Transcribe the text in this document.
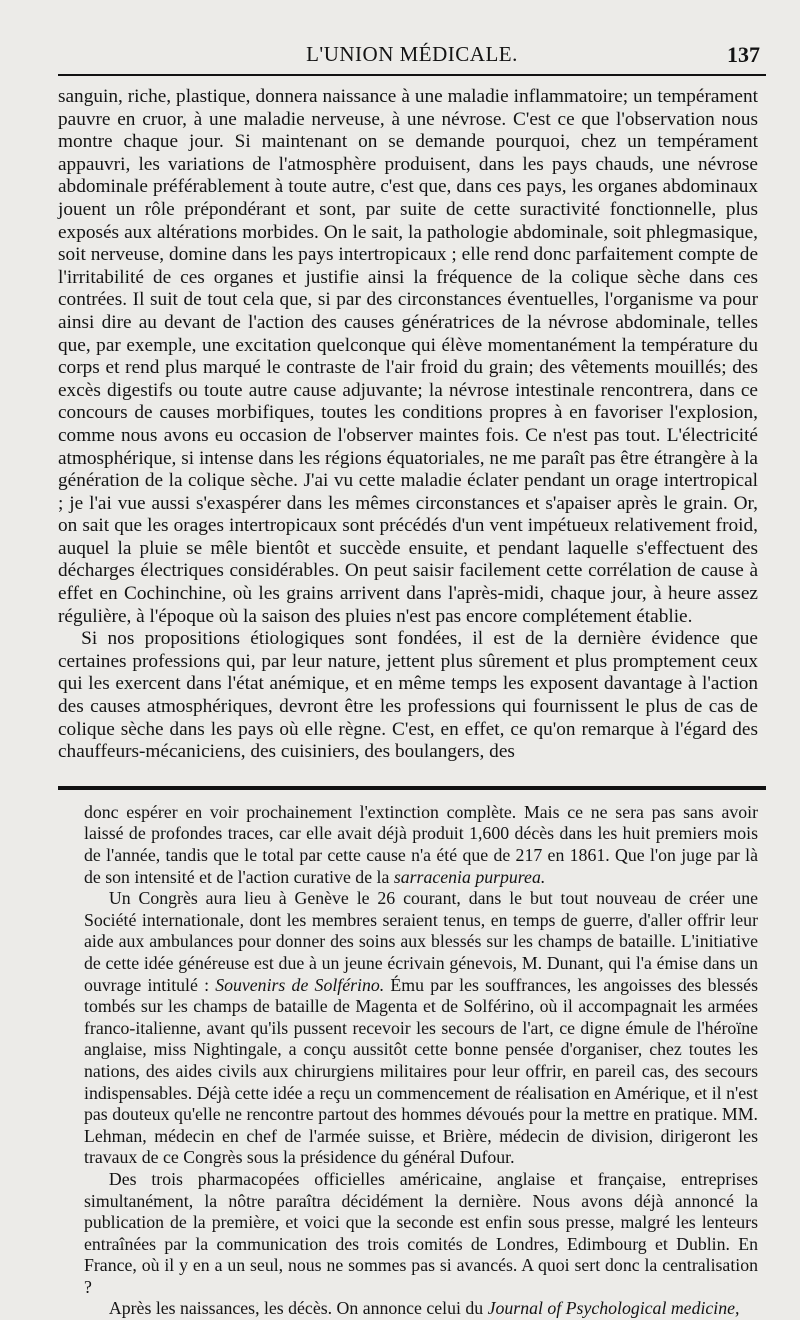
L'UNION MÉDICALE.	137

sanguin, riche, plastique, donnera naissance à une maladie inflammatoire; un tempérament pauvre en cruor, à une maladie nerveuse, à une névrose. C'est ce que l'observation nous montre chaque jour. Si maintenant on se demande pourquoi, chez un tempérament appauvri, les variations de l'atmosphère produisent, dans les pays chauds, une névrose abdominale préférablement à toute autre, c'est que, dans ces pays, les organes abdominaux jouent un rôle prépondérant et sont, par suite de cette suractivité fonctionnelle, plus exposés aux altérations morbides. On le sait, la pathologie abdominale, soit phlegmasique, soit nerveuse, domine dans les pays intertropicaux ; elle rend donc parfaitement compte de l'irritabilité de ces organes et justifie ainsi la fréquence de la colique sèche dans ces contrées. Il suit de tout cela que, si par des circonstances éventuelles, l'organisme va pour ainsi dire au devant de l'action des causes génératrices de la névrose abdominale, telles que, par exemple, une excitation quelconque qui élève momentanément la température du corps et rend plus marqué le contraste de l'air froid du grain; des vêtements mouillés; des excès digestifs ou toute autre cause adjuvante; la névrose intestinale rencontrera, dans ce concours de causes morbifiques, toutes les conditions propres à en favoriser l'explosion, comme nous avons eu occasion de l'observer maintes fois. Ce n'est pas tout. L'électricité atmosphérique, si intense dans les régions équatoriales, ne me paraît pas être étrangère à la génération de la colique sèche. J'ai vu cette maladie éclater pendant un orage intertropical ; je l'ai vue aussi s'exaspérer dans les mêmes circonstances et s'apaiser après le grain. Or, on sait que les orages intertropicaux sont précédés d'un vent impétueux relativement froid, auquel la pluie se mêle bientôt et succède ensuite, et pendant laquelle s'effectuent des décharges électriques considérables. On peut saisir facilement cette corrélation de cause à effet en Cochinchine, où les grains arrivent dans l'après-midi, chaque jour, à heure assez régulière, à l'époque où la saison des pluies n'est pas encore complétement établie.

Si nos propositions étiologiques sont fondées, il est de la dernière évidence que certaines professions qui, par leur nature, jettent plus sûrement et plus promptement ceux qui les exercent dans l'état anémique, et en même temps les exposent davantage à l'action des causes atmosphériques, devront être les professions qui fournissent le plus de cas de colique sèche dans les pays où elle règne. C'est, en effet, ce qu'on remarque à l'égard des chauffeurs-mécaniciens, des cuisiniers, des boulangers, des

donc espérer en voir prochainement l'extinction complète. Mais ce ne sera pas sans avoir laissé de profondes traces, car elle avait déjà produit 1,600 décès dans les huit premiers mois de l'année, tandis que le total par cette cause n'a été que de 217 en 1861. Que l'on juge par là de son intensité et de l'action curative de la sarracenia purpurea.

Un Congrès aura lieu à Genève le 26 courant, dans le but tout nouveau de créer une Société internationale, dont les membres seraient tenus, en temps de guerre, d'aller offrir leur aide aux ambulances pour donner des soins aux blessés sur les champs de bataille. L'initiative de cette idée généreuse est due à un jeune écrivain génevois, M. Dunant, qui l'a émise dans un ouvrage intitulé : Souvenirs de Solférino. Ému par les souffrances, les angoisses des blessés tombés sur les champs de bataille de Magenta et de Solférino, où il accompagnait les armées franco-italienne, avant qu'ils pussent recevoir les secours de l'art, ce digne émule de l'héroïne anglaise, miss Nightingale, a conçu aussitôt cette bonne pensée d'organiser, chez toutes les nations, des aides civils aux chirurgiens militaires pour leur offrir, en pareil cas, des secours indispensables. Déjà cette idée a reçu un commencement de réalisation en Amérique, et il n'est pas douteux qu'elle ne rencontre partout des hommes dévoués pour la mettre en pratique. MM. Lehman, médecin en chef de l'armée suisse, et Brière, médecin de division, dirigeront les travaux de ce Congrès sous la présidence du général Dufour.

Des trois pharmacopées officielles américaine, anglaise et française, entreprises simultanément, la nôtre paraîtra décidément la dernière. Nous avons déjà annoncé la publication de la première, et voici que la seconde est enfin sous presse, malgré les lenteurs entraînées par la communication des trois comités de Londres, Edimbourg et Dublin. En France, où il y en a un seul, nous ne sommes pas si avancés. A quoi sert donc la centralisation ?

Après les naissances, les décès. On annonce celui du Journal of Psychological medicine,
